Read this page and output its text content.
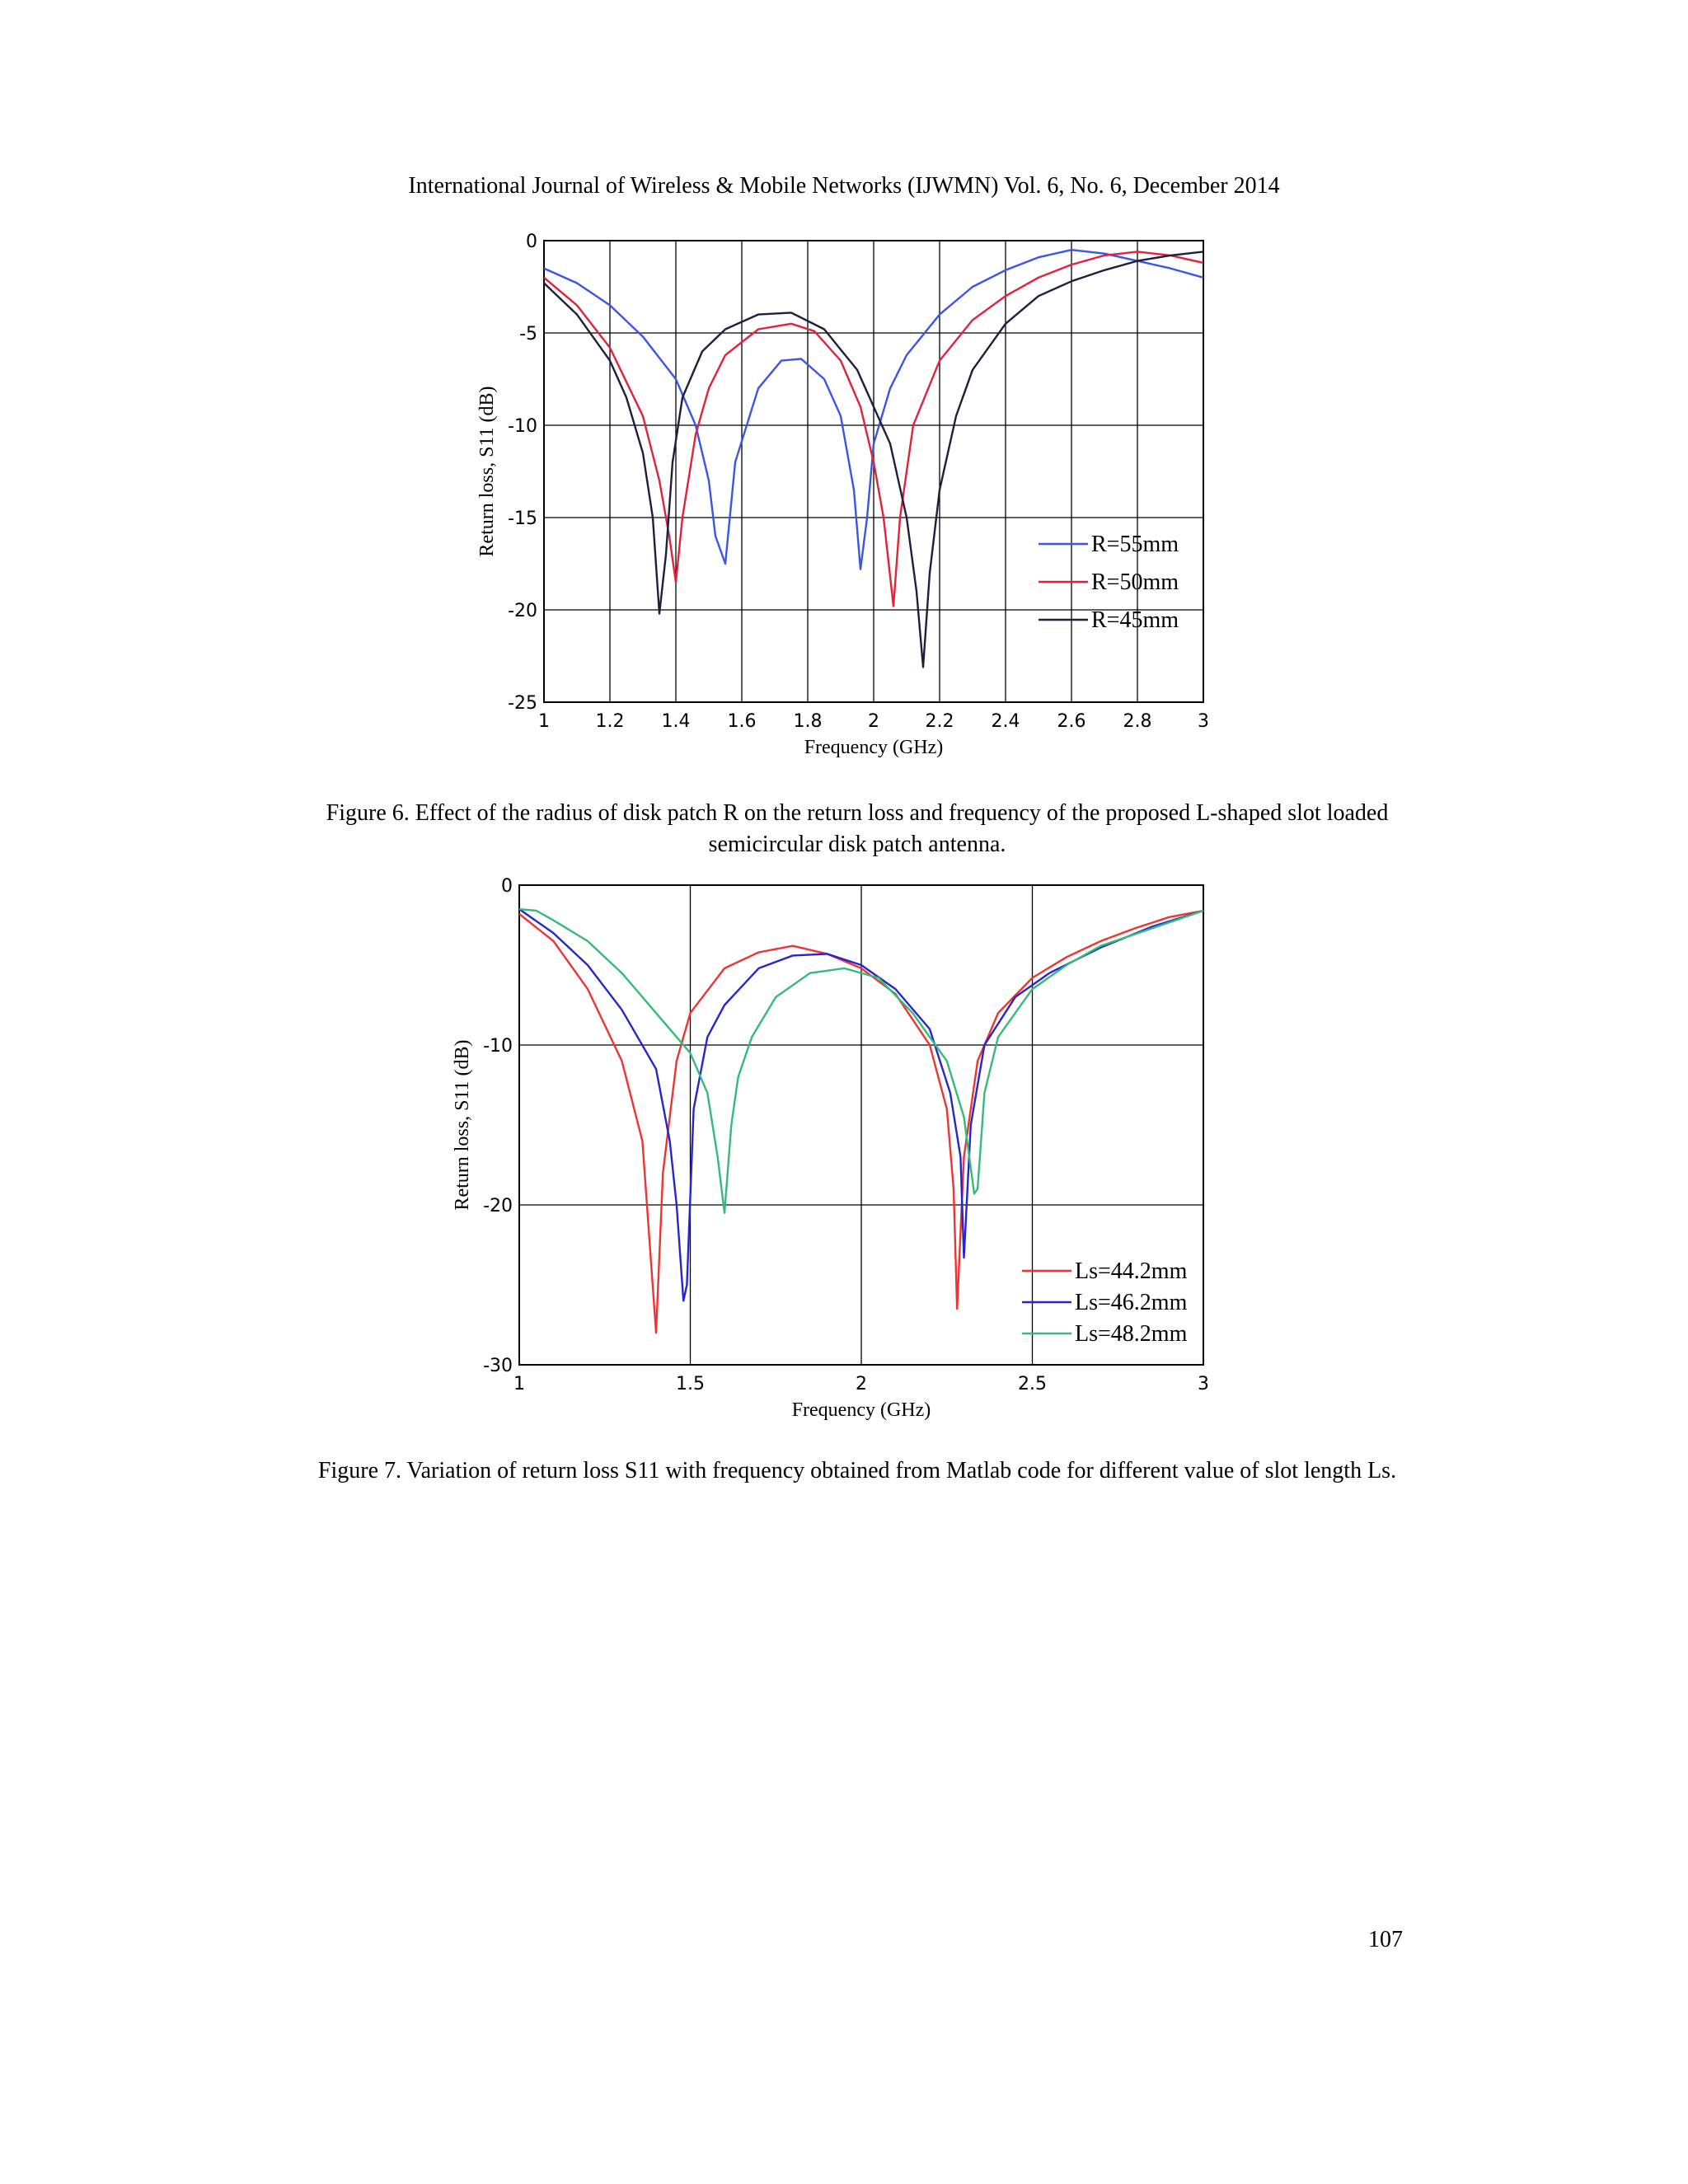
International Journal of Wireless & Mobile Networks (IJWMN) Vol. 6, No. 6, December 2014
1	1.2 1.4 1.6 1.8	2	2.2 2.4 2.6 2.8	3
0
-5
-10
-15
-20
-25
Frequency (GHz)
Return loss, S11 (dB)	R=55mm
R=50mm
R=45mm
Figure 6. Effect of the radius of disk patch R on the return loss and frequency of the proposed L-shaped slot loaded semicircular disk patch antenna.
1	1.5	2	2.5	3
0
-10
-20
-30
Frequency (GHz)
Return loss, S11 (dB)
Ls=44.2mm
Ls=46.2mm
Ls=48.2mm
Figure 7. Variation of return loss S11 with frequency obtained from Matlab code for different value of slot length Ls.
107
